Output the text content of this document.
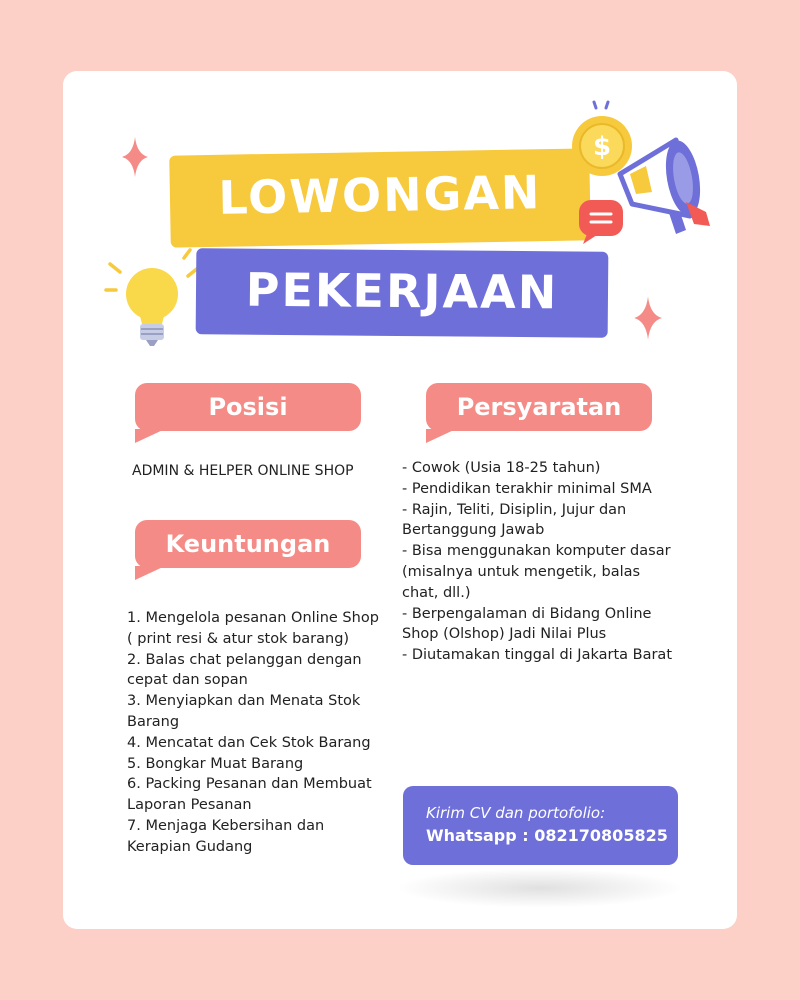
LOWONGAN
PEKERJAAN
$
Posisi
ADMIN & HELPER ONLINE SHOP
Persyaratan
- Cowok (Usia 18-25 tahun)
- Pendidikan terakhir minimal SMA
- Rajin, Teliti, Disiplin, Jujur dan Bertanggung Jawab
- Bisa menggunakan komputer dasar (misalnya untuk mengetik, balas chat, dll.)
- Berpengalaman di Bidang Online Shop (Olshop) Jadi Nilai Plus
- Diutamakan tinggal di Jakarta Barat
Keuntungan
1. Mengelola pesanan Online Shop ( print resi & atur stok barang)
2. Balas chat pelanggan dengan cepat dan sopan
3. Menyiapkan dan Menata Stok Barang
4. Mencatat dan Cek Stok Barang
5. Bongkar Muat Barang
6. Packing Pesanan dan Membuat Laporan Pesanan
7. Menjaga Kebersihan dan Kerapian Gudang
Kirim CV dan portofolio:
Whatsapp : 082170805825
